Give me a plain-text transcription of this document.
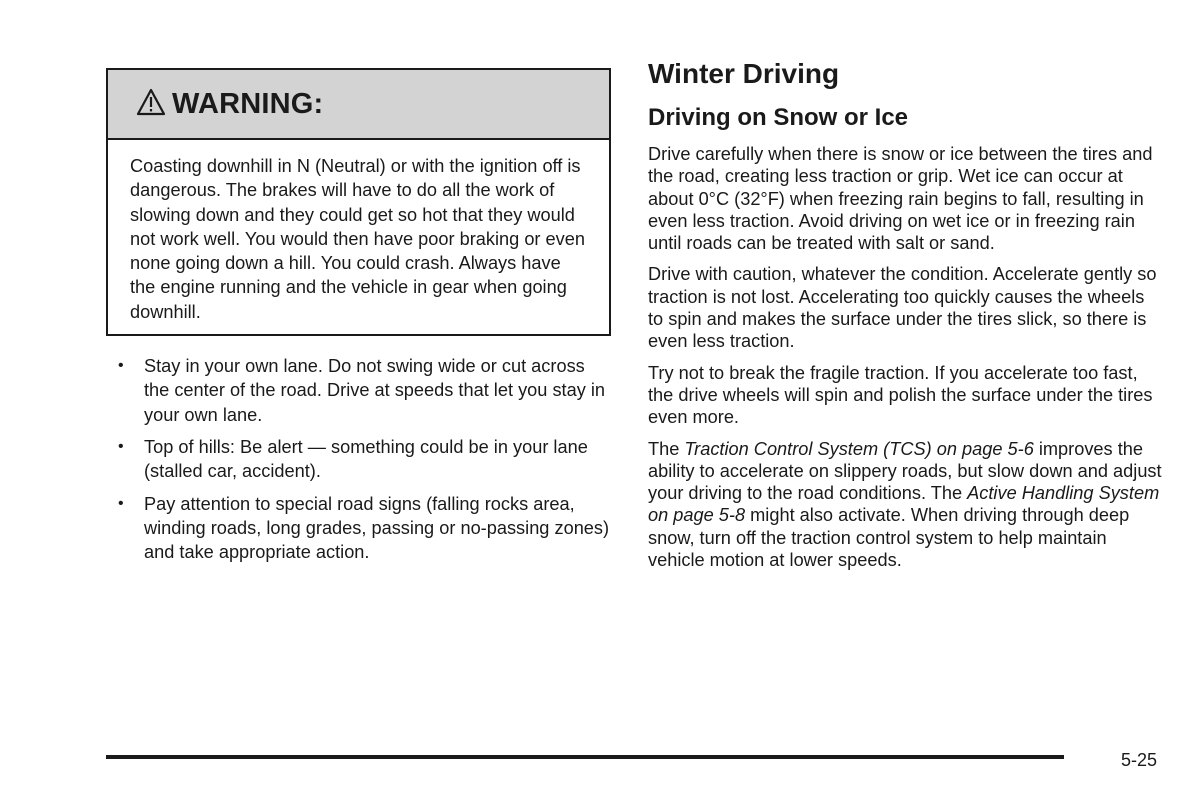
WARNING:
Coasting downhill in N (Neutral) or with the ignition off is dangerous. The brakes will have to do all the work of slowing down and they could get so hot that they would not work well. You would then have poor braking or even none going down a hill. You could crash. Always have the engine running and the vehicle in gear when going downhill.
• Stay in your own lane. Do not swing wide or cut across the center of the road. Drive at speeds that let you stay in your own lane.
• Top of hills: Be alert — something could be in your lane (stalled car, accident).
• Pay attention to special road signs (falling rocks area, winding roads, long grades, passing or no-passing zones) and take appropriate action.
Winter Driving
Driving on Snow or Ice

Drive carefully when there is snow or ice between the tires and the road, creating less traction or grip. Wet ice can occur at about 0°C (32°F) when freezing rain begins to fall, resulting in even less traction. Avoid driving on wet ice or in freezing rain until roads can be treated with salt or sand.

Drive with caution, whatever the condition. Accelerate gently so traction is not lost. Accelerating too quickly causes the wheels to spin and makes the surface under the tires slick, so there is even less traction.

Try not to break the fragile traction. If you accelerate too fast, the drive wheels will spin and polish the surface under the tires even more.

The Traction Control System (TCS) on page 5-6 improves the ability to accelerate on slippery roads, but slow down and adjust your driving to the road conditions. The Active Handling System on page 5-8 might also activate. When driving through deep snow, turn off the traction control system to help maintain vehicle motion at lower speeds.

5-25
